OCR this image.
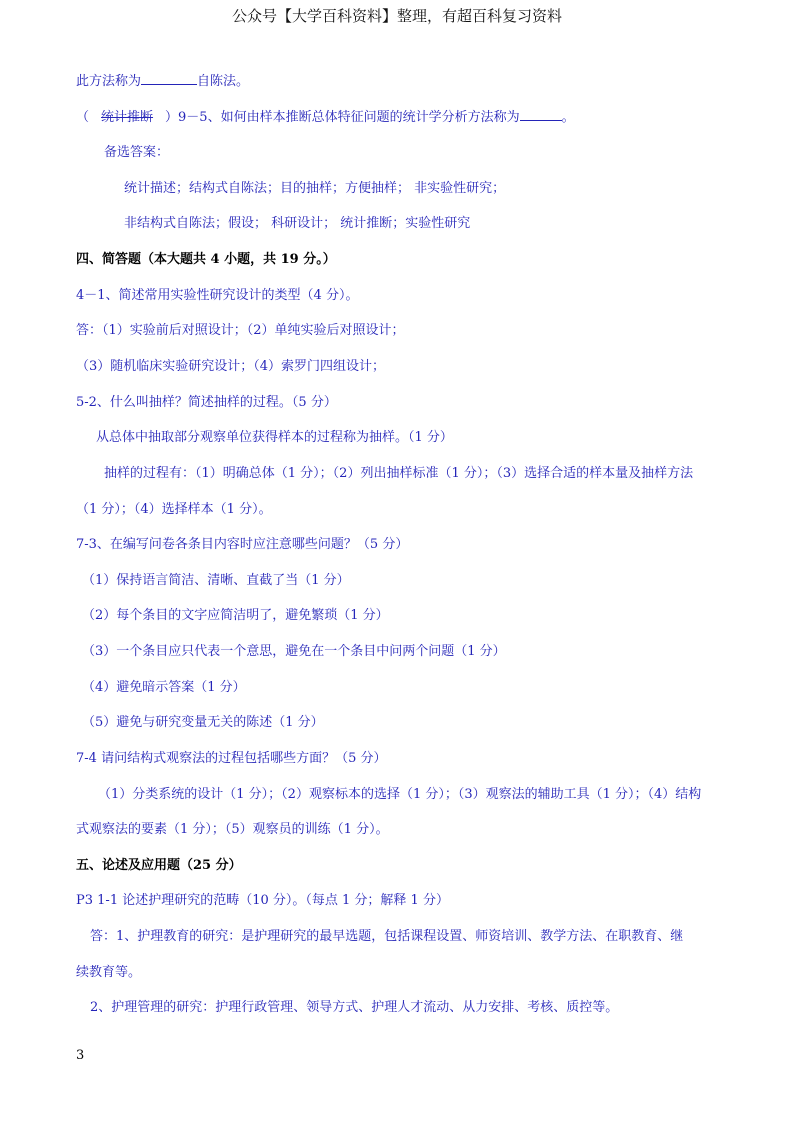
公众号【大学百科资料】整理，有超百科复习资料
此方法称为	自陈法。
（ 统计推断 ）9－5、如何由样本推断总体特征问题的统计学分析方法称为	。
备选答案：
统计描述；结构式自陈法；目的抽样；方便抽样； 非实验性研究；
非结构式自陈法；假设； 科研设计； 统计推断；实验性研究
四、简答题（本大题共 4 小题，共 19 分。）
4－1、简述常用实验性研究设计的类型（4 分）。
答：（1）实验前后对照设计；（2）单纯实验后对照设计；
（3）随机临床实验研究设计；（4）索罗门四组设计；
5-2、什么叫抽样？简述抽样的过程。（5 分）
从总体中抽取部分观察单位获得样本的过程称为抽样。（1 分）
抽样的过程有：（1）明确总体（1 分）；（2）列出抽样标准（1 分）；（3）选择合适的样本量及抽样方法
（1 分）；（4）选择样本（1 分）。
7-3、在编写问卷各条目内容时应注意哪些问题？（5 分）
（1）保持语言简洁、清晰、直截了当（1 分）
（2）每个条目的文字应简洁明了，避免繁琐（1 分）
（3）一个条目应只代表一个意思，避免在一个条目中问两个问题（1 分）
（4）避免暗示答案（1 分）
（5）避免与研究变量无关的陈述（1 分）
7-4 请问结构式观察法的过程包括哪些方面？（5 分）
（1）分类系统的设计（1 分）；（2）观察标本的选择（1 分）；（3）观察法的辅助工具（1 分）；（4）结构
式观察法的要素（1 分）；（5）观察员的训练（1 分）。
五、论述及应用题（25 分）
P3 1-1 论述护理研究的范畴（10 分）。（每点 1 分；解释 1 分）
答：1、护理教育的研究：是护理研究的最早选题，包括课程设置、师资培训、教学方法、在职教育、继
续教育等。
2、护理管理的研究：护理行政管理、领导方式、护理人才流动、从力安排、考核、质控等。
3
